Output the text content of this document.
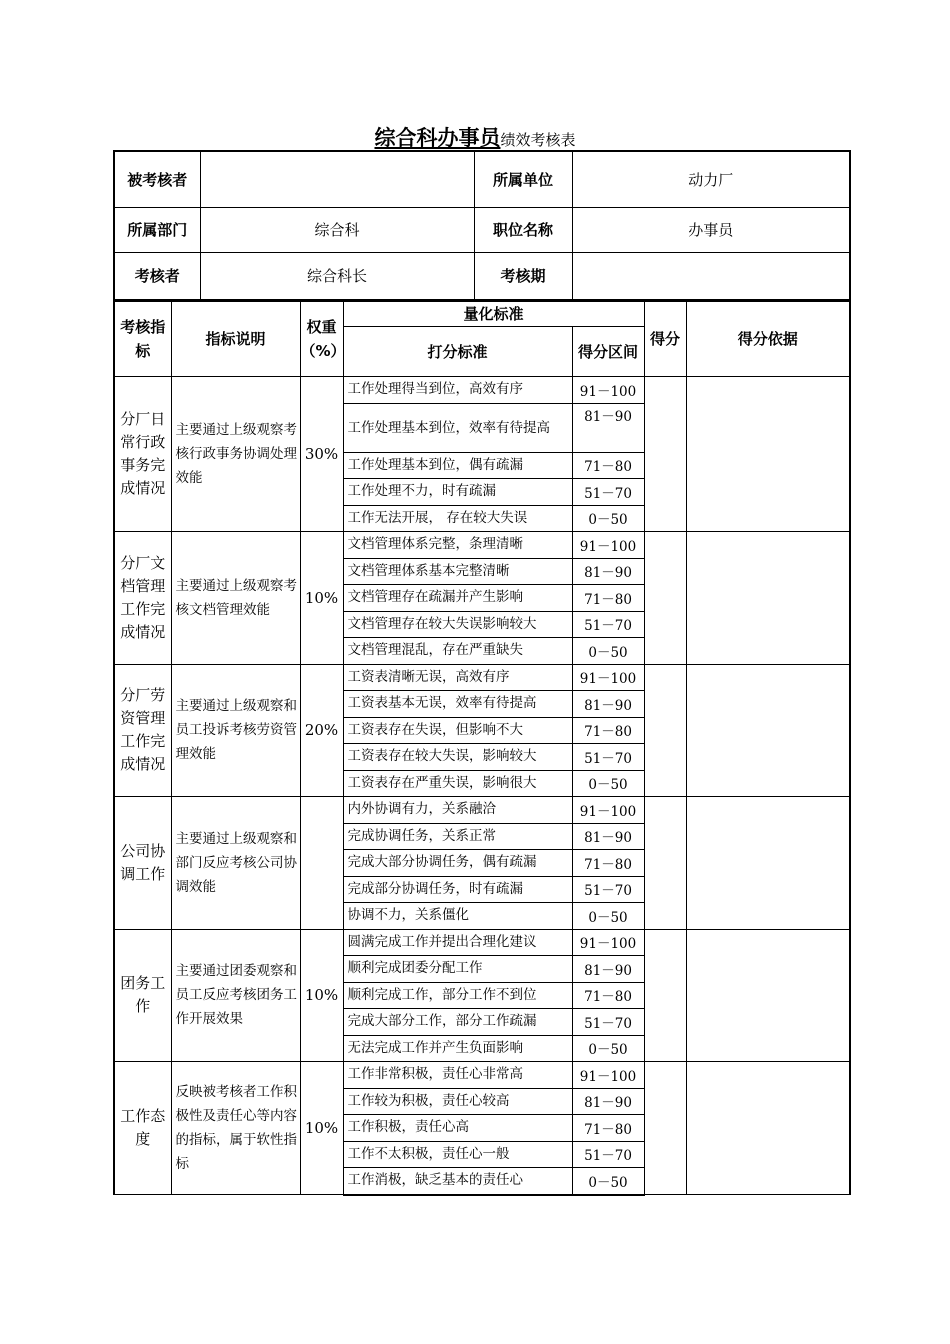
综合科办事员绩效考核表
被考核者		所属单位	动力厂
所属部门	综合科	职位名称	办事员
考核者	综合科长	考核期	
考核指标	指标说明	权重（%）	量化标准		得分	得分依据
			打分标准	得分区间		
分厂日常行政事务完成情况	主要通过上级观察考核行政事务协调处理效能	30%	工作处理得当到位，高效有序	91－100		
			工作处理基本到位，效率有待提高	81－90		
			工作处理基本到位，偶有疏漏	71－80		
			工作处理不力，时有疏漏	51－70		
			工作无法开展， 存在较大失误	0－50		
分厂文档管理工作完成情况	主要通过上级观察考核文档管理效能	10%	文档管理体系完整，条理清晰	91－100		
			文档管理体系基本完整清晰	81－90		
			文档管理存在疏漏并产生影响	71－80		
			文档管理存在较大失误影响较大	51－70		
			文档管理混乱，存在严重缺失	0－50		
分厂劳资管理工作完成情况	主要通过上级观察和员工投诉考核劳资管理效能	20%	工资表清晰无误，高效有序	91－100		
			工资表基本无误，效率有待提高	81－90		
			工资表存在失误，但影响不大	71－80		
			工资表存在较大失误，影响较大	51－70		
			工资表存在严重失误，影响很大	0－50		
公司协调工作	主要通过上级观察和部门反应考核公司协调效能		内外协调有力，关系融洽	91－100		
			完成协调任务，关系正常	81－90		
			完成大部分协调任务，偶有疏漏	71－80		
			完成部分协调任务，时有疏漏	51－70		
			协调不力，关系僵化	0－50		
团务工作	主要通过团委观察和员工反应考核团务工作开展效果	10%	圆满完成工作并提出合理化建议	91－100		
			顺利完成团委分配工作	81－90		
			顺利完成工作，部分工作不到位	71－80		
			完成大部分工作，部分工作疏漏	51－70		
			无法完成工作并产生负面影响	0－50		
工作态度	反映被考核者工作积极性及责任心等内容的指标，属于软性指标	10%	工作非常积极，责任心非常高	91－100		
			工作较为积极，责任心较高	81－90		
			工作积极，责任心高	71－80		
			工作不太积极，责任心一般	51－70		
			工作消极，缺乏基本的责任心	0－50		
